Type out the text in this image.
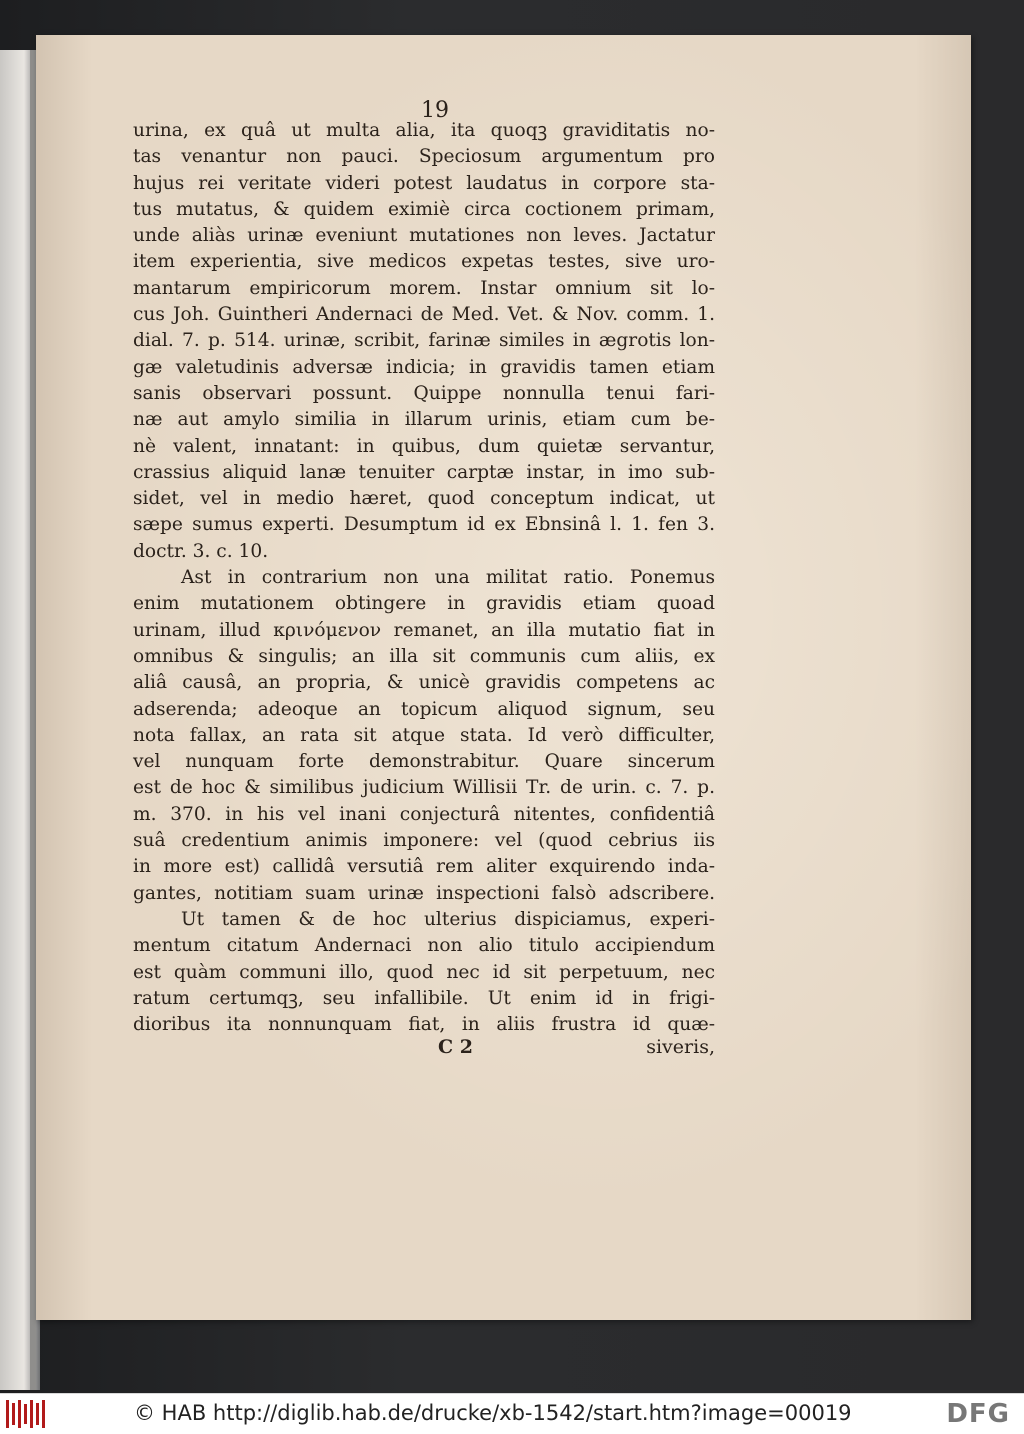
19
urina, ex quâ ut multa alia, ita quoqꝫ graviditatis no-
tas venantur non pauci. Speciosum argumentum pro
hujus rei veritate videri potest laudatus in corpore sta-
tus mutatus, & quidem eximiè circa coctionem primam,
unde aliàs urinæ eveniunt mutationes non leves. Jactatur
item experientia, sive medicos expetas testes, sive uro-
mantarum empiricorum morem. Instar omnium sit lo-
cus Joh. Guintheri Andernaci de Med. Vet. & Nov. comm. 1.
dial. 7. p. 514. urinæ, scribit, farinæ similes in ægrotis lon-
gæ valetudinis adversæ indicia; in gravidis tamen etiam
sanis observari possunt. Quippe nonnulla tenui fari-
næ aut amylo similia in illarum urinis, etiam cum be-
nè valent, innatant: in quibus, dum quietæ servantur,
crassius aliquid lanæ tenuiter carptæ instar, in imo sub-
sidet, vel in medio hæret, quod conceptum indicat, ut
sæpe sumus experti. Desumptum id ex Ebnsinâ l. 1. fen 3.
doctr. 3. c. 10.
Ast in contrarium non una militat ratio. Ponemus
enim mutationem obtingere in gravidis etiam quoad
urinam, illud κρινόμενον remanet, an illa mutatio fiat in
omnibus & singulis; an illa sit communis cum aliis, ex
aliâ causâ, an propria, & unicè gravidis competens ac
adserenda; adeoque an topicum aliquod signum, seu
nota fallax, an rata sit atque stata. Id verò difficulter,
vel nunquam forte demonstrabitur. Quare sincerum
est de hoc & similibus judicium Willisii Tr. de urin. c. 7. p.
m. 370. in his vel inani conjecturâ nitentes, confidentiâ
suâ credentium animis imponere: vel (quod cebrius iis
in more est) callidâ versutiâ rem aliter exquirendo inda-
gantes, notitiam suam urinæ inspectioni falsò adscribere.
Ut tamen & de hoc ulterius dispiciamus, experi-
mentum citatum Andernaci non alio titulo accipiendum
est quàm communi illo, quod nec id sit perpetuum, nec
ratum certumqꝫ, seu infallibile. Ut enim id in frigi-
dioribus ita nonnunquam fiat, in aliis frustra id quæ-
C 2	siveris,
© HAB http://diglib.hab.de/drucke/xb-1542/start.htm?image=00019	DFG
